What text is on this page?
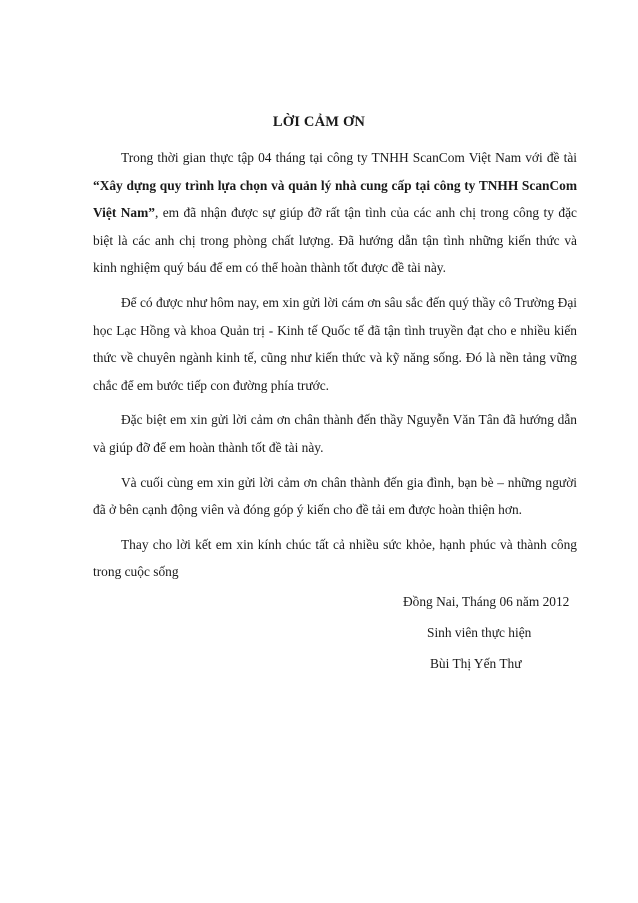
LỜI CẢM ƠN

Trong thời gian thực tập 04 tháng tại công ty TNHH ScanCom Việt Nam với đề tài “Xây dựng quy trình lựa chọn và quản lý nhà cung cấp tại công ty TNHH ScanCom Việt Nam”, em đã nhận được sự giúp đỡ rất tận tình của các anh chị trong công ty đặc biệt là các anh chị trong phòng chất lượng. Đã hướng dẫn tận tình những kiến thức và kinh nghiệm quý báu để em có thể hoàn thành tốt được đề tài này.

Để có được như hôm nay, em xin gửi lời cám ơn sâu sắc đến quý thầy cô Trường Đại học Lạc Hồng và khoa Quản trị - Kinh tế Quốc tế đã tận tình truyền đạt cho e nhiều kiến thức về chuyên ngành kinh tế, cũng như kiến thức và kỹ năng sống. Đó là nền tảng vững chắc để em bước tiếp con đường phía trước.

Đặc biệt em xin gửi lời cảm ơn chân thành đến thầy Nguyễn Văn Tân đã hướng dẫn và giúp đỡ để em hoàn thành tốt đề tài này.

Và cuối cùng em xin gửi lời cảm ơn chân thành đến gia đình, bạn bè – những người đã ở bên cạnh động viên và đóng góp ý kiến cho đề tải em được hoàn thiện hơn.

Thay cho lời kết em xin kính chúc tất cả nhiều sức khỏe, hạnh phúc và thành công trong cuộc sống

Đồng Nai, Tháng 06 năm 2012
Sinh viên thực hiện
Bùi Thị Yến Thư
